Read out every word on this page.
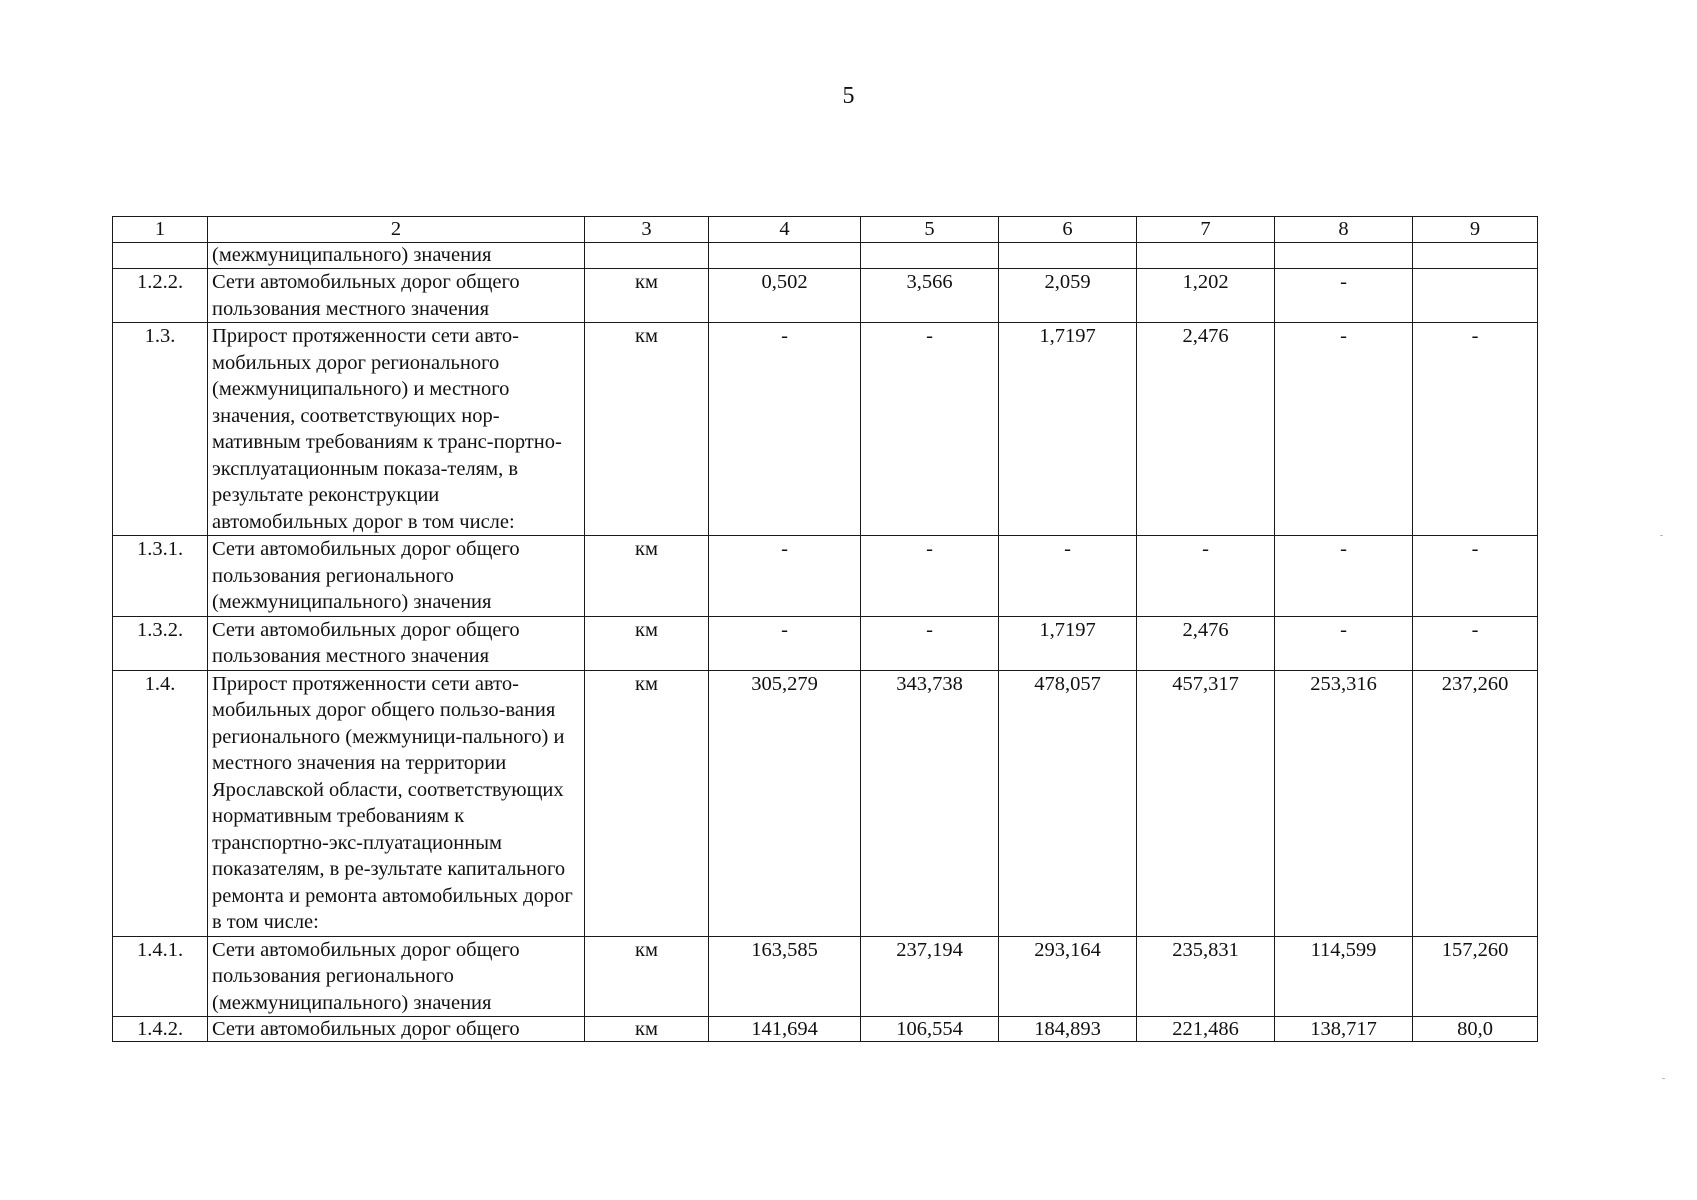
5
1	2	3	4	5	6	7	8	9
	(межмуниципального) значения							
1.2.2.	Сети автомобильных дорог общего пользования местного значения	км	0,502	3,566	2,059	1,202	-	
1.3.	Прирост протяженности сети авто-мобильных дорог регионального (межмуниципального) и местного значения, соответствующих нор-мативным требованиям к транс-портно-эксплуатационным показа-телям, в результате реконструкции автомобильных дорог в том числе:	км	-	-	1,7197	2,476	-	-
1.3.1.	Сети автомобильных дорог общего пользования регионального (межмуниципального) значения	км	-	-	-	-	-	-
1.3.2.	Сети автомобильных дорог общего пользования местного значения	км	-	-	1,7197	2,476	-	-
1.4.	Прирост протяженности сети авто-мобильных дорог общего пользо-вания регионального (межмуници-пального) и местного значения на территории Ярославской области, соответствующих нормативным требованиям к транспортно-экс-плуатационным показателям, в ре-зультате капитального ремонта и ремонта автомобильных дорог в том числе:	км	305,279	343,738	478,057	457,317	253,316	237,260
1.4.1.	Сети автомобильных дорог общего пользования регионального (межмуниципального) значения	км	163,585	237,194	293,164	235,831	114,599	157,260
1.4.2.	Сети автомобильных дорог общего	км	141,694	106,554	184,893	221,486	138,717	80,0
